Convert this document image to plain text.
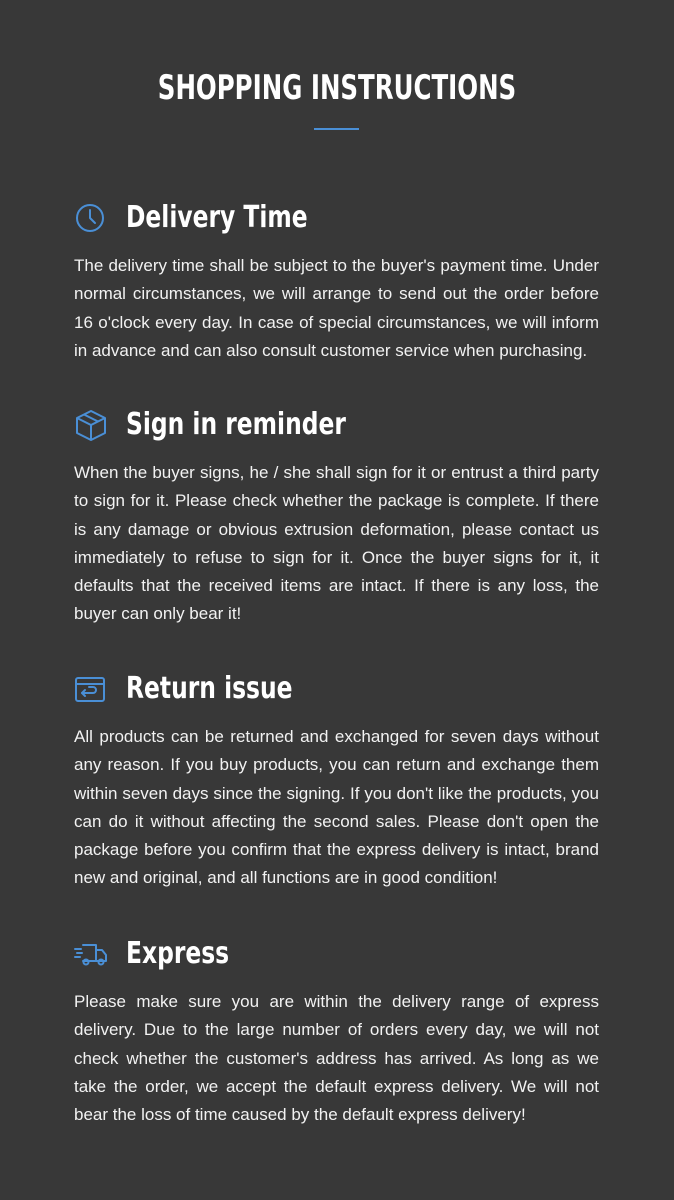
SHOPPING INSTRUCTIONS
Delivery Time
The delivery time shall be subject to the buyer's payment time. Under normal circumstances, we will arrange to send out the order before 16 o'clock every day. In case of special circumstances, we will inform in advance and can also consult customer service when purchasing.
Sign in reminder
When the buyer signs, he / she shall sign for it or entrust a third party to sign for it. Please check whether the package is complete. If there is any damage or obvious extrusion deformation, please contact us immediately to refuse to sign for it. Once the buyer signs for it, it defaults that the received items are intact. If there is any loss, the buyer can only bear it!
Return issue
All products can be returned and exchanged for seven days without any reason. If you buy products, you can return and exchange them within seven days since the signing. If you don't like the products, you can do it without affecting the second sales. Please don't open the package before you confirm that the express delivery is intact, brand new and original, and all functions are in good condition!
Express
Please make sure you are within the delivery range of express delivery. Due to the large number of orders every day, we will not check whether the customer's address has arrived. As long as we take the order, we accept the default express delivery. We will not bear the loss of time caused by the default express delivery!
